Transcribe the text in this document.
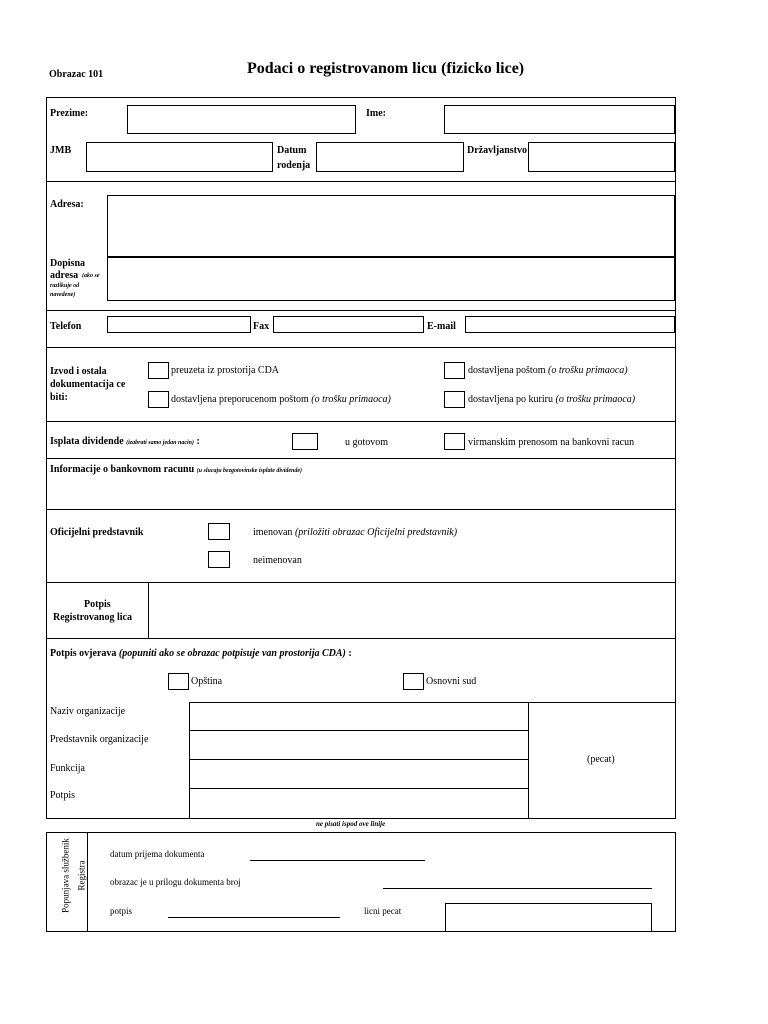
Obrazac 101	Podaci o registrovanom licu (fizicko lice)
Prezime:	Ime:
JMB	Datum
rodenja
Državljanstvo
Adresa:
Dopisna
adresa (ako se
razlikuje od
navedene)
Telefon	Fax	E-mail
Izvod i ostala
dokumentacija ce
biti:
preuzeta iz prostorija CDA	dostavljena poštom (o trošku primaoca)
dostavljena preporucenom poštom (o trošku primaoca)	dostavljena po kuriru (o trošku primaoca)
Isplata dividende (izabrati samo jedan nacin) :	u gotovom	virmanskim prenosom na bankovni racun
Informacije o bankovnom racunu (u slucaju bezgotovinske isplate dividende)
Oficijelni predstavnik	imenovan (priložiti obrazac Oficijelni predstavnik)
neimenovan
Potpis
Registrovanog lica
Potpis ovjerava (popuniti ako se obrazac potpisuje van prostorija CDA) :
Opština	Osnovni sud
Naziv organizacije
Predstavnik organizacije
Funkcija
Potpis
(pecat)
ne pisati ispod ove linije
Popunjava službenik Registra
datum prijema dokumenta
obrazac je u prilogu dokumenta broj
potpis	licni pecat
